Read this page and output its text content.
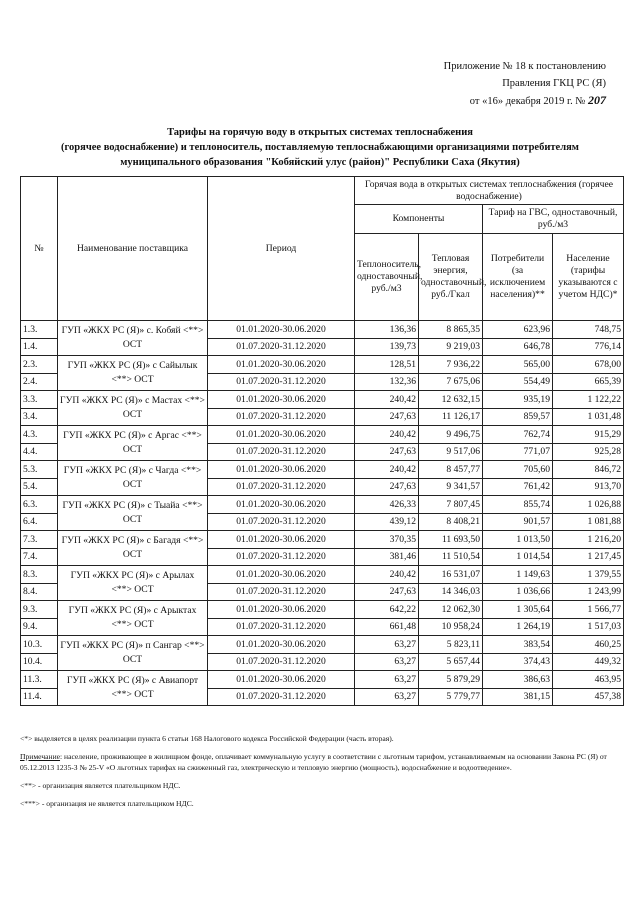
Приложение № 18 к постановлению
Правления ГКЦ РС (Я)
от «16» декабря 2019 г. № 207
Тарифы на горячую воду в открытых системах теплоснабжения
(горячее водоснабжение) и теплоноситель, поставляемую теплоснабжающими организациями потребителям
муниципального образования "Кобяйский улус (район)" Республики Саха (Якутия)
№	Наименование поставщика	Период	Горячая вода в открытых системах теплоснабжения (горячее водоснабжение)			
			Компоненты		Тариф на ГВС, одноставочный, руб./м3	
			Теплоноситель, одноставочный, руб./м3	Тепловая энергия, одноставочный, руб./Гкал	Потребители (за исключением населения)**	Население (тарифы указываются с учетом НДС)*
1.3.	ГУП «ЖКХ РС (Я)» с. Кобяй <**> ОСТ	01.01.2020-30.06.2020	136,36	8 865,35	623,96	748,75
1.4.		01.07.2020-31.12.2020	139,73	9 219,03	646,78	776,14
2.3.	ГУП «ЖКХ РС (Я)» с Сайылык <**> ОСТ	01.01.2020-30.06.2020	128,51	7 936,22	565,00	678,00
2.4.		01.07.2020-31.12.2020	132,36	7 675,06	554,49	665,39
3.3.	ГУП «ЖКХ РС (Я)» с Мастах <**> ОСТ	01.01.2020-30.06.2020	240,42	12 632,15	935,19	1 122,22
3.4.		01.07.2020-31.12.2020	247,63	11 126,17	859,57	1 031,48
4.3.	ГУП «ЖКХ РС (Я)» с Аргас <**> ОСТ	01.01.2020-30.06.2020	240,42	9 496,75	762,74	915,29
4.4.		01.07.2020-31.12.2020	247,63	9 517,06	771,07	925,28
5.3.	ГУП «ЖКХ РС (Я)» с Чагда <**> ОСТ	01.01.2020-30.06.2020	240,42	8 457,77	705,60	846,72
5.4.		01.07.2020-31.12.2020	247,63	9 341,57	761,42	913,70
6.3.	ГУП «ЖКХ РС (Я)» с Тыайа <**> ОСТ	01.01.2020-30.06.2020	426,33	7 807,45	855,74	1 026,88
6.4.		01.07.2020-31.12.2020	439,12	8 408,21	901,57	1 081,88
7.3.	ГУП «ЖКХ РС (Я)» с Багадя <**> ОСТ	01.01.2020-30.06.2020	370,35	11 693,50	1 013,50	1 216,20
7.4.		01.07.2020-31.12.2020	381,46	11 510,54	1 014,54	1 217,45
8.3.	ГУП «ЖКХ РС (Я)» с Арылах <**> ОСТ	01.01.2020-30.06.2020	240,42	16 531,07	1 149,63	1 379,55
8.4.		01.07.2020-31.12.2020	247,63	14 346,03	1 036,66	1 243,99
9.3.	ГУП «ЖКХ РС (Я)» с Арыктах <**> ОСТ	01.01.2020-30.06.2020	642,22	12 062,30	1 305,64	1 566,77
9.4.		01.07.2020-31.12.2020	661,48	10 958,24	1 264,19	1 517,03
10.3.	ГУП «ЖКХ РС (Я)» п Сангар <**> ОСТ	01.01.2020-30.06.2020	63,27	5 823,11	383,54	460,25
10.4.		01.07.2020-31.12.2020	63,27	5 657,44	374,43	449,32
11.3.	ГУП «ЖКХ РС (Я)» с Авиапорт <**> ОСТ	01.01.2020-30.06.2020	63,27	5 879,29	386,63	463,95
11.4.		01.07.2020-31.12.2020	63,27	5 779,77	381,15	457,38

<*> выделяется в целях реализации пункта 6 статьи 168 Налогового кодекса Российской Федерации (часть вторая).

Примечание: население, проживающее в жилищном фонде, оплачивает коммунальную услугу в соответствии с льготным тарифом, устанавливаемым на основании Закона РС (Я) от 05.12.2013 1235-З № 25-V «О льготных тарифах на сжиженный газ, электрическую и тепловую энергию (мощность), водоснабжение и водоотведение».

<**> - организация является плательщиком НДС.

<***> - организация не является плательщиком НДС.
